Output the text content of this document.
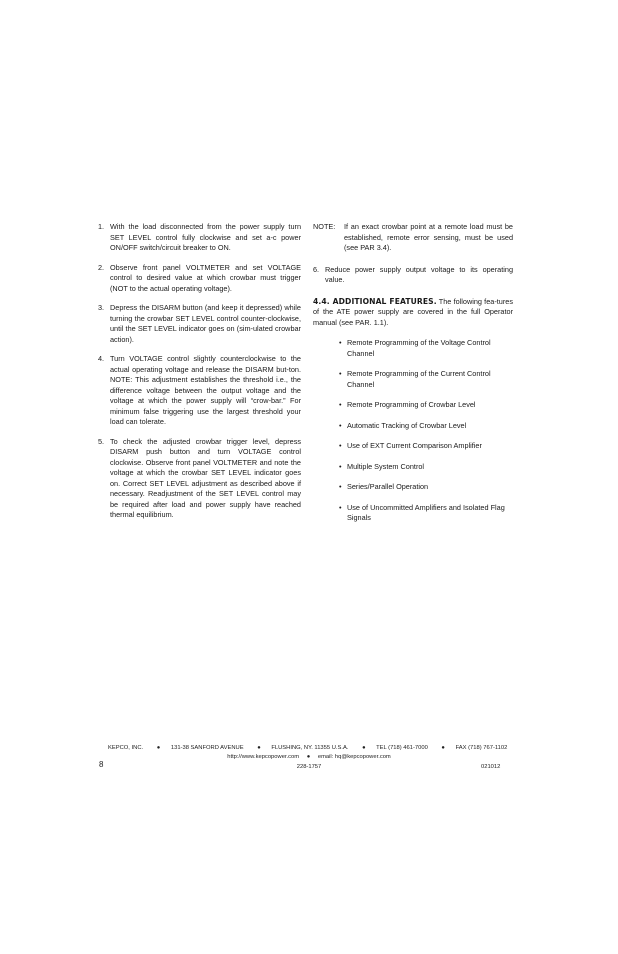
1. With the load disconnected from the power supply turn SET LEVEL control fully clockwise and set a-c power ON/OFF switch/circuit breaker to ON.
2. Observe front panel VOLTMETER and set VOLTAGE control to desired value at which crowbar must trigger (NOT to the actual operating voltage).
3. Depress the DISARM button (and keep it depressed) while turning the crowbar SET LEVEL control counter-clockwise, until the SET LEVEL indicator goes on (sim-ulated crowbar action).
4. Turn VOLTAGE control slightly counterclockwise to the actual operating voltage and release the DISARM but-ton. NOTE: This adjustment establishes the threshold i.e., the difference voltage between the output voltage and the voltage at which the power supply will “crow-bar.” For minimum false triggering use the largest threshold your load can tolerate.
5. To check the adjusted crowbar trigger level, depress DISARM push button and turn VOLTAGE control clockwise. Observe front panel VOLTMETER and note the voltage at which the crowbar SET LEVEL indicator goes on. Correct SET LEVEL adjustment as described above if necessary. Readjustment of the SET LEVEL control may be required after load and power supply have reached thermal equilibrium.
NOTE: If an exact crowbar point at a remote load must be established, remote error sensing, must be used (see PAR 3.4).
6. Reduce power supply output voltage to its operating value.
4.4. ADDITIONAL FEATURES. The following fea-tures of the ATE power supply are covered in the full Operator manual (see PAR. 1.1).
• Remote Programming of the Voltage Control Channel
• Remote Programming of the Current Control Channel
• Remote Programming of Crowbar Level
• Automatic Tracking of Crowbar Level
• Use of EXT Current Comparison Amplifier
• Multiple System Control
• Series/Parallel Operation
• Use of Uncommitted Amplifiers and Isolated Flag Signals
KEPCO, INC. ● 131-38 SANFORD AVENUE ● FLUSHING, NY. 11355 U.S.A. ● TEL (718) 461-7000 ● FAX (718) 767-1102
http://www.kepcopower.com ● email: hq@kepcopower.com
8	228-1757	021012
